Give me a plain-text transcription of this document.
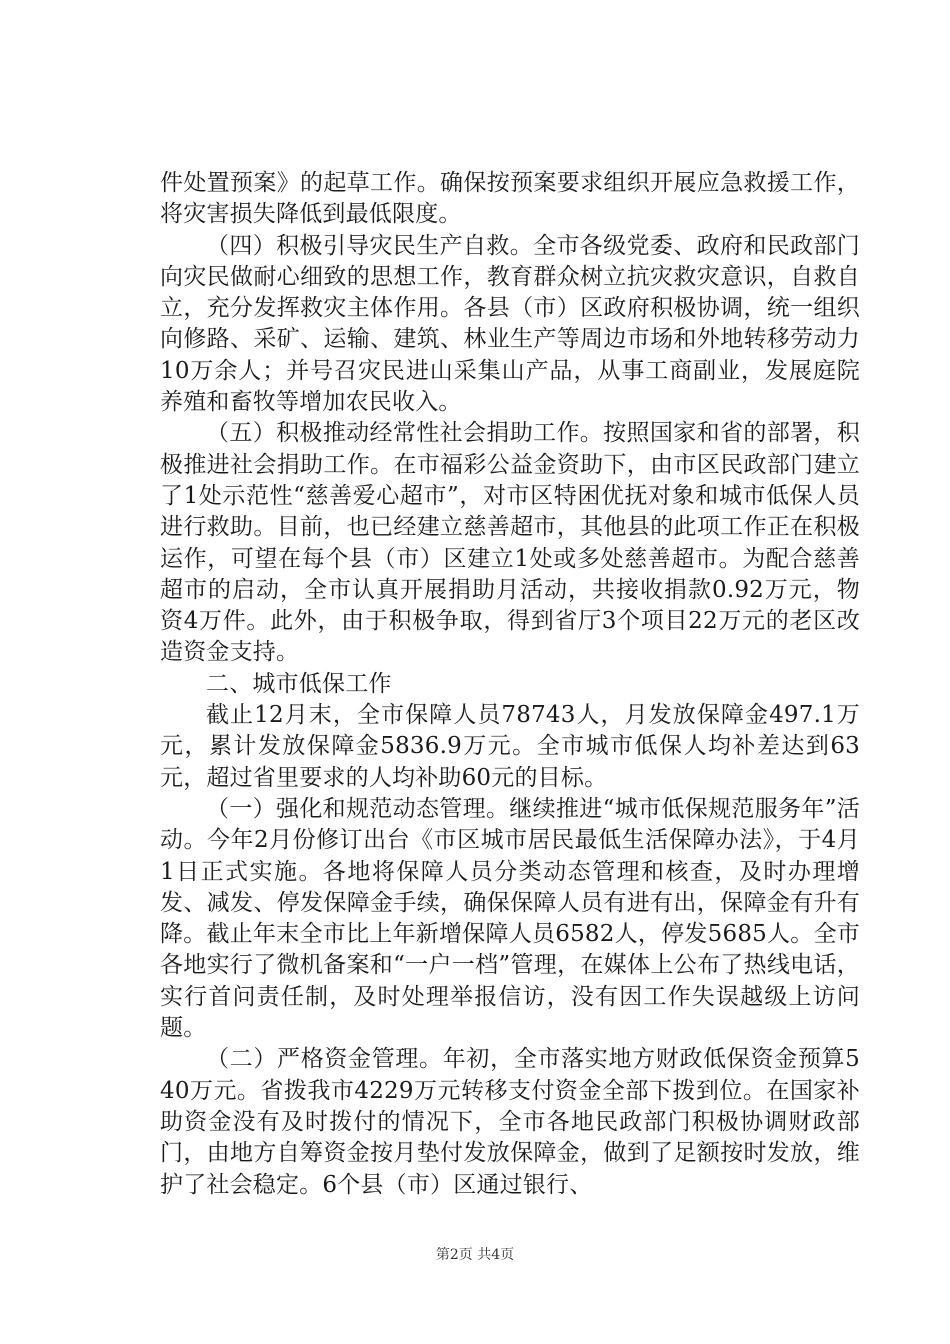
件处置预案》的起草工作。确保按预案要求组织开展应急救援工作，将灾害损失降低到最低限度。

（四）积极引导灾民生产自救。全市各级党委、政府和民政部门向灾民做耐心细致的思想工作，教育群众树立抗灾救灾意识，自救自立，充分发挥救灾主体作用。各县（市）区政府积极协调，统一组织向修路、采矿、运输、建筑、林业生产等周边市场和外地转移劳动力10万余人；并号召灾民进山采集山产品，从事工商副业，发展庭院养殖和畜牧等增加农民收入。

（五）积极推动经常性社会捐助工作。按照国家和省的部署，积极推进社会捐助工作。在市福彩公益金资助下，由市区民政部门建立了1处示范性“慈善爱心超市”，对市区特困优抚对象和城市低保人员进行救助。目前，也已经建立慈善超市，其他县的此项工作正在积极运作，可望在每个县（市）区建立1处或多处慈善超市。为配合慈善超市的启动，全市认真开展捐助月活动，共接收捐款0.92万元，物资4万件。此外，由于积极争取，得到省厅3个项目22万元的老区改造资金支持。

二、城市低保工作

截止12月末，全市保障人员78743人，月发放保障金497.1万元，累计发放保障金5836.9万元。全市城市低保人均补差达到63元，超过省里要求的人均补助60元的目标。

（一）强化和规范动态管理。继续推进“城市低保规范服务年”活动。今年2月份修订出台《市区城市居民最低生活保障办法》，于4月1日正式实施。各地将保障人员分类动态管理和核查，及时办理增发、减发、停发保障金手续，确保保障人员有进有出，保障金有升有降。截止年末全市比上年新增保障人员6582人，停发5685人。全市各地实行了微机备案和“一户一档”管理，在媒体上公布了热线电话，实行首问责任制，及时处理举报信访，没有因工作失误越级上访问题。

（二）严格资金管理。年初，全市落实地方财政低保资金预算540万元。省拨我市4229万元转移支付资金全部下拨到位。在国家补助资金没有及时拨付的情况下，全市各地民政部门积极协调财政部门，由地方自筹资金按月垫付发放保障金，做到了足额按时发放，维护了社会稳定。6个县（市）区通过银行、

第2页 共4页
